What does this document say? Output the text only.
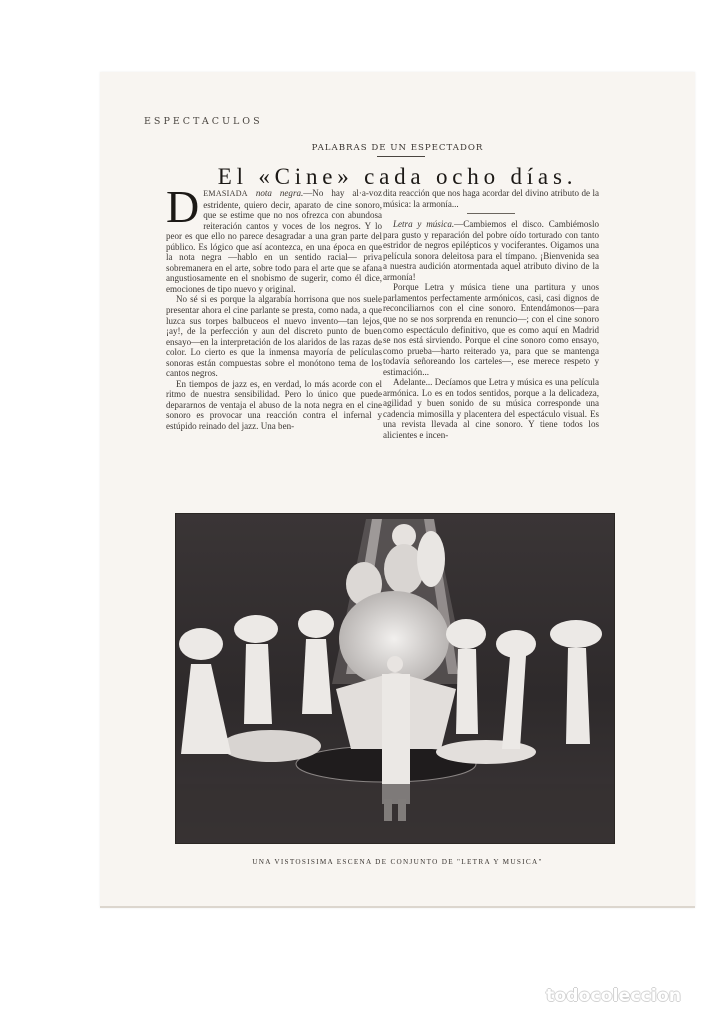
ESPECTACULOS
PALABRAS DE UN ESPECTADOR
El «Cine» cada ocho días.

DEMASIADA nota negra.—No hay al·a-voz estridente, quiero decir, aparato de cine sonoro, que se estime que no nos ofrezca con abundosa reiteración cantos y voces de los negros. Y lo peor es que ello no parece desagradar a una gran parte del público. Es lógico que así acontezca, en una época en que la nota negra —hablo en un sentido racial— priva sobremanera en el arte, sobre todo para el arte que se afana angustiosamente en el snobismo de sugerir, como él dice, emociones de tipo nuevo y original.

No sé si es porque la algarabía horrisona que nos suele presentar ahora el cine parlante se presta, como nada, a que luzca sus torpes balbuceos el nuevo invento—tan lejos, ¡ay!, de la perfección y aun del discreto punto de buen ensayo—en la interpretación de los alaridos de las razas de color. Lo cierto es que la inmensa mayoría de películas sonoras están compuestas sobre el monótono tema de los cantos negros.

En tiempos de jazz es, en verdad, lo más acorde con el ritmo de nuestra sensibilidad. Pero lo único que puede depararnos de ventaja el abuso de la nota negra en el cine sonoro es provocar una reacción contra el infernal y estúpido reinado del jazz. Una ben-

dita reacción que nos haga acordar del divino atributo de la música: la armonía...

Letra y música.—Cambiemos el disco. Cambiémoslo para gusto y reparación del pobre oído torturado con tanto estridor de negros epilépticos y vociferantes. Oigamos una película sonora deleitosa para el tímpano. ¡Bienvenida sea a nuestra audición atormentada aquel atributo divino de la armonía!

Porque Letra y música tiene una partitura y unos parlamentos perfectamente armónicos, casi, casi dignos de reconciliarnos con el cine sonoro. Entendámonos—para que no se nos sorprenda en renuncio—; con el cine sonoro como espectáculo definitivo, que es como aquí en Madrid se nos está sirviendo. Porque el cine sonoro como ensayo, como prueba—harto reiterado ya, para que se mantenga todavía señoreando los carteles—, ese merece respeto y estimación...

Adelante... Decíamos que Letra y música es una película armónica. Lo es en todos sentidos, porque a la delicadeza, agilidad y buen sonido de su música corresponde una cadencia mimosilla y placentera del espectáculo visual. Es una revista llevada al cine sonoro. Y tiene todos los alicientes e incen-

UNA VISTOSISIMA ESCENA DE CONJUNTO DE "LETRA Y MUSICA"
todocoleccion
